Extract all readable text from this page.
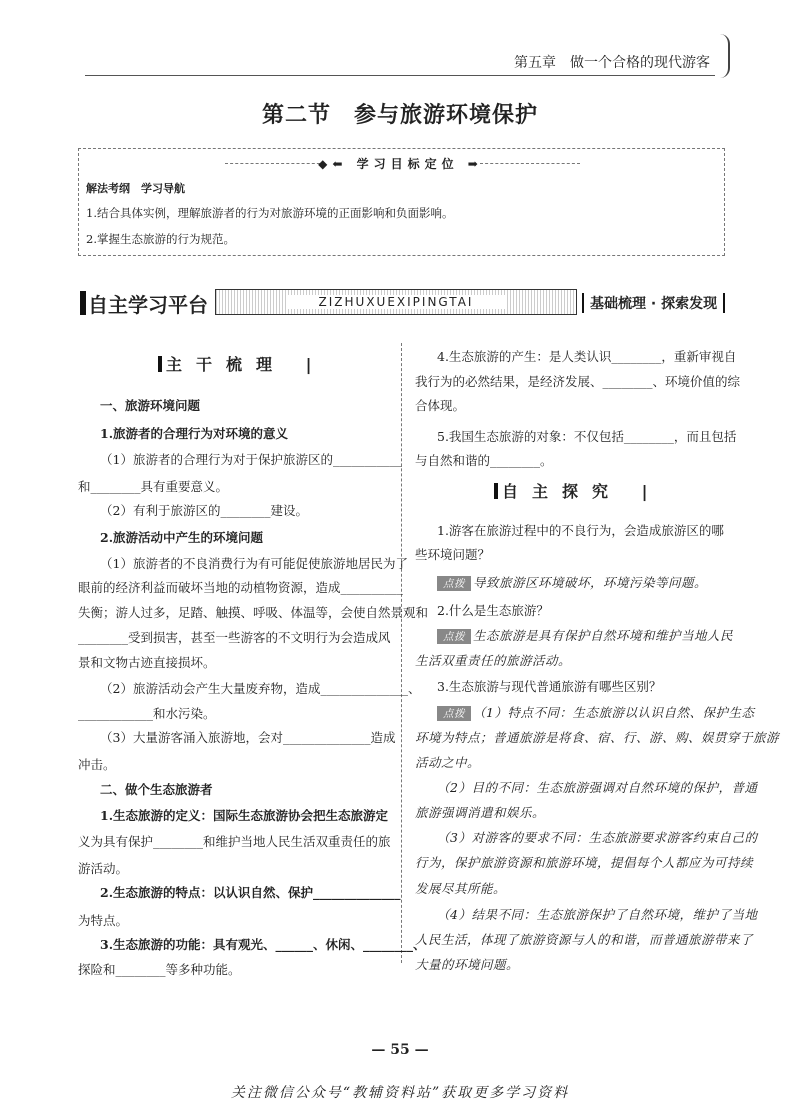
第五章　做一个合格的现代游客
第二节　参与旅游环境保护
◆⬅ 学习目标定位 ➡
解法考纲　学习导航
1.结合具体实例，理解旅游者的行为对旅游环境的正面影响和负面影响。
2.掌握生态旅游的行为规范。
自主学习平台	ZIZHUXUEXIPINGTAI	基础梳理 · 探索发现
主干梳理 |
一、旅游环境问题
1.旅游者的合理行为对环境的意义
（1）旅游者的合理行为对于保护旅游区的___________
和________具有重要意义。
（2）有利于旅游区的________建设。
2.旅游活动中产生的环境问题
（1）旅游者的不良消费行为有可能促使旅游地居民为了
眼前的经济利益而破坏当地的动植物资源，造成__________
失衡；游人过多，足踏、触摸、呼吸、体温等，会使自然景观和
________受到损害，甚至一些游客的不文明行为会造成风
景和文物古迹直接损坏。
（2）旅游活动会产生大量废弃物，造成______________、
____________和水污染。
（3）大量游客涌入旅游地，会对______________造成
冲击。
二、做个生态旅游者
1.生态旅游的定义：国际生态旅游协会把生态旅游定
义为具有保护________和维护当地人民生活双重责任的旅
游活动。
2.生态旅游的特点：以认识自然、保护______________
为特点。
3.生态旅游的功能：具有观光、______、休闲、________、
探险和________等多种功能。
4.生态旅游的产生：是人类认识________，重新审视自
我行为的必然结果，是经济发展、________、环境价值的综
合体现。
5.我国生态旅游的对象：不仅包括________，而且包括
与自然和谐的________。
自主探究 |
1.游客在旅游过程中的不良行为，会造成旅游区的哪
些环境问题？
点拨 导致旅游区环境破坏，环境污染等问题。
2.什么是生态旅游？
点拨 生态旅游是具有保护自然环境和维护当地人民
生活双重责任的旅游活动。
3.生态旅游与现代普通旅游有哪些区别？
点拨 （1）特点不同：生态旅游以认识自然、保护生态
环境为特点；普通旅游是将食、宿、行、游、购、娱贯穿于旅游
活动之中。
（2）目的不同：生态旅游强调对自然环境的保护，普通
旅游强调消遣和娱乐。
（3）对游客的要求不同：生态旅游要求游客约束自己的
行为，保护旅游资源和旅游环境，提倡每个人都应为可持续
发展尽其所能。
（4）结果不同：生态旅游保护了自然环境，维护了当地
人民生活，体现了旅游资源与人的和谐，而普通旅游带来了
大量的环境问题。
— 55 —
关注微信公众号“教辅资料站”获取更多学习资料
